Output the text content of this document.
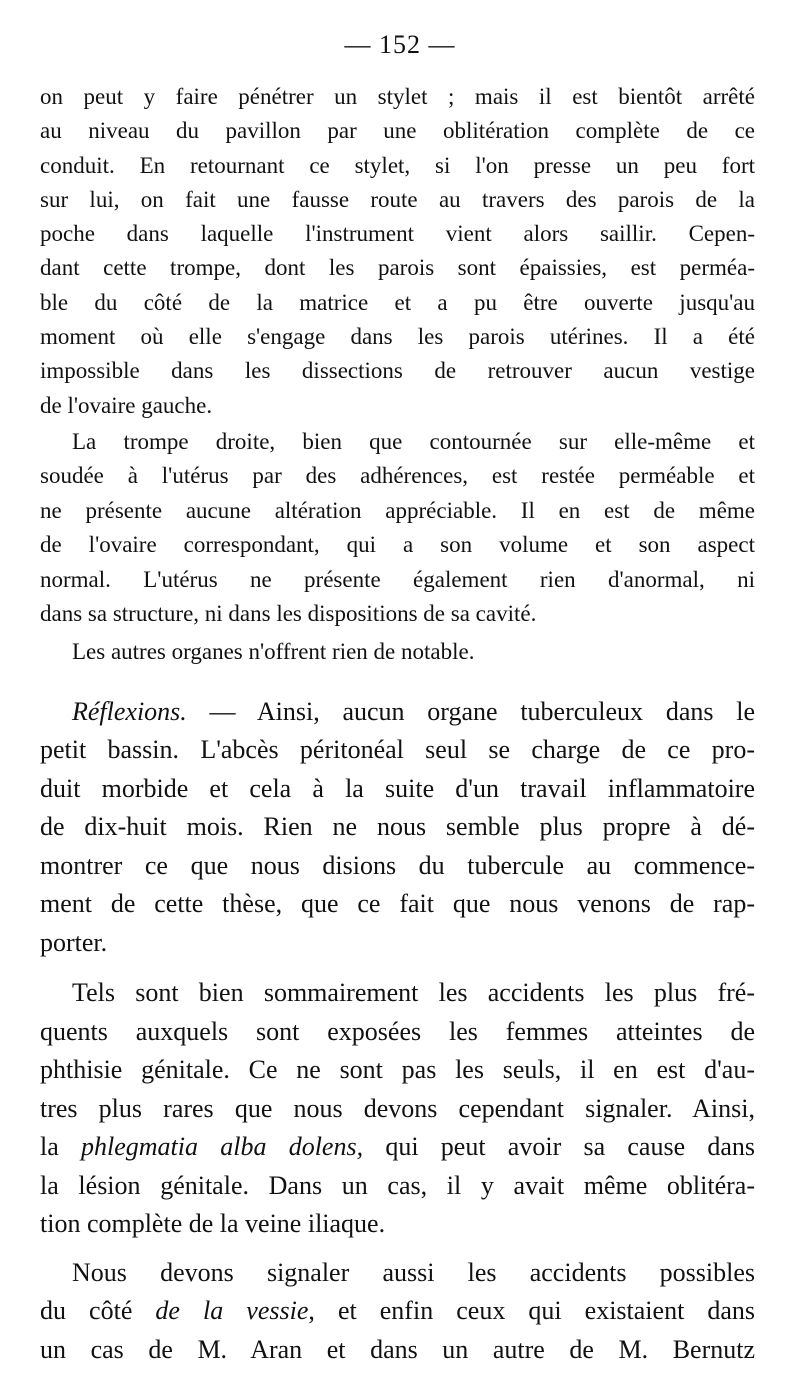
— 152 —
on peut y faire pénétrer un stylet ; mais il est bientôt arrêté
au niveau du pavillon par une oblitération complète de ce
conduit. En retournant ce stylet, si l'on presse un peu fort
sur lui, on fait une fausse route au travers des parois de la
poche dans laquelle l'instrument vient alors saillir. Cepen-
dant cette trompe, dont les parois sont épaissies, est perméa-
ble du côté de la matrice et a pu être ouverte jusqu'au
moment où elle s'engage dans les parois utérines. Il a été
impossible dans les dissections de retrouver aucun vestige
de l'ovaire gauche.
La trompe droite, bien que contournée sur elle-même et
soudée à l'utérus par des adhérences, est restée perméable et
ne présente aucune altération appréciable. Il en est de même
de l'ovaire correspondant, qui a son volume et son aspect
normal. L'utérus ne présente également rien d'anormal, ni
dans sa structure, ni dans les dispositions de sa cavité.
Les autres organes n'offrent rien de notable.
Réflexions. — Ainsi, aucun organe tuberculeux dans le
petit bassin. L'abcès péritonéal seul se charge de ce pro-
duit morbide et cela à la suite d'un travail inflammatoire
de dix-huit mois. Rien ne nous semble plus propre à dé-
montrer ce que nous disions du tubercule au commence-
ment de cette thèse, que ce fait que nous venons de rap-
porter.
Tels sont bien sommairement les accidents les plus fré-
quents auxquels sont exposées les femmes atteintes de
phthisie génitale. Ce ne sont pas les seuls, il en est d'au-
tres plus rares que nous devons cependant signaler. Ainsi,
la phlegmatia alba dolens, qui peut avoir sa cause dans
la lésion génitale. Dans un cas, il y avait même oblitéra-
tion complète de la veine iliaque.
Nous devons signaler aussi les accidents possibles
du côté de la vessie, et enfin ceux qui existaient dans
un cas de M. Aran et dans un autre de M. Bernutz
